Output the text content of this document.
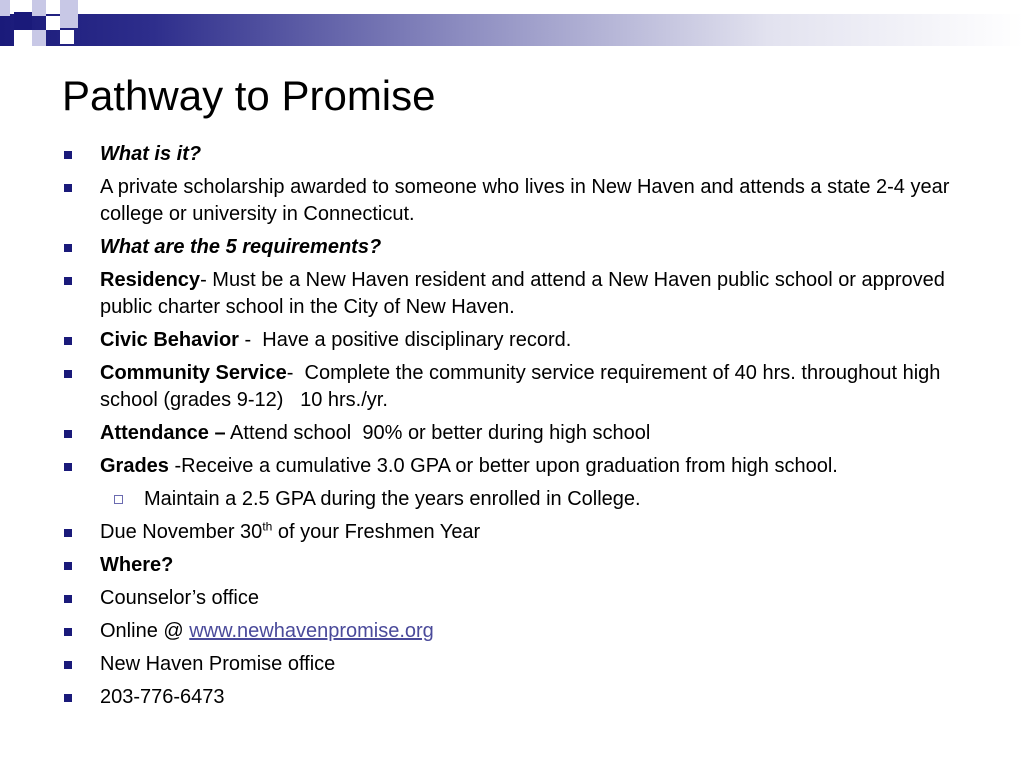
Pathway to Promise
What is it?
A private scholarship awarded to someone who lives in New Haven and attends a state 2-4 year college or university in Connecticut.
What are the 5 requirements?
Residency- Must be a New Haven resident and attend a New Haven public school or approved public charter school in the City of New Haven.
Civic Behavior -  Have a positive disciplinary record.
Community Service-  Complete the community service requirement of 40 hrs. throughout high school (grades 9-12)   10 hrs./yr.
Attendance – Attend school  90% or better during high school
Grades -Receive a cumulative 3.0 GPA or better upon graduation from high school.
Maintain a 2.5 GPA during the years enrolled in College.
Due November 30th of your Freshmen Year
Where?
Counselor’s office
Online @ www.newhavenpromise.org
New Haven Promise office
203-776-6473
